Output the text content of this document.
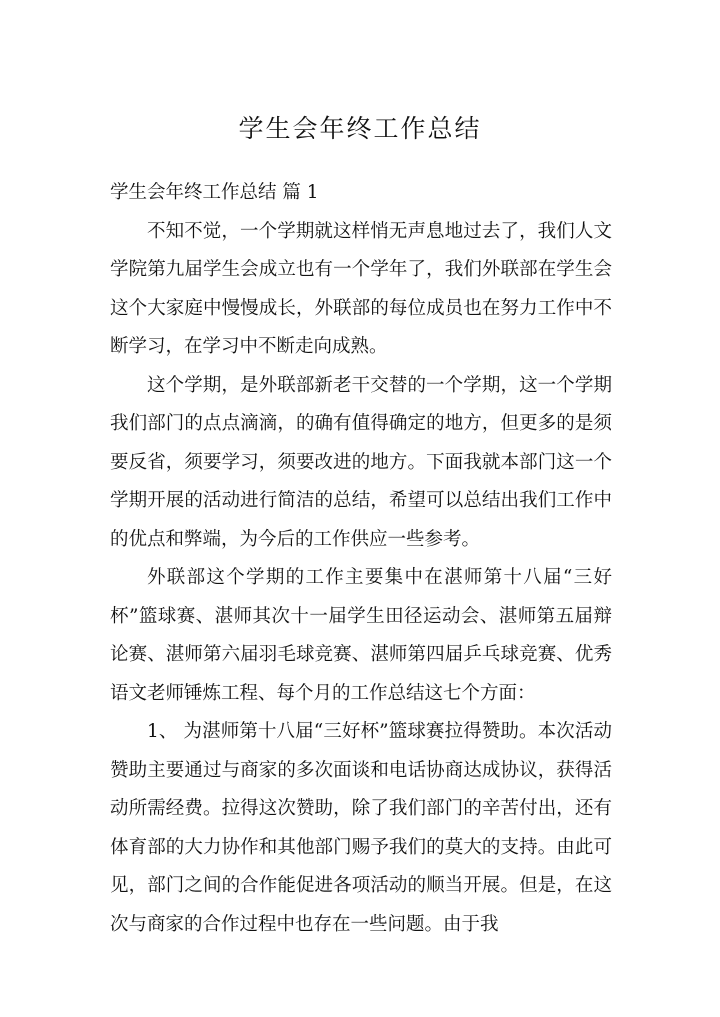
学生会年终工作总结

学生会年终工作总结 篇 1

不知不觉，一个学期就这样悄无声息地过去了，我们人文学院第九届学生会成立也有一个学年了，我们外联部在学生会这个大家庭中慢慢成长，外联部的每位成员也在努力工作中不断学习，在学习中不断走向成熟。

这个学期，是外联部新老干交替的一个学期，这一个学期我们部门的点点滴滴，的确有值得确定的地方，但更多的是须要反省，须要学习，须要改进的地方。下面我就本部门这一个学期开展的活动进行简洁的总结，希望可以总结出我们工作中的优点和弊端，为今后的工作供应一些参考。

外联部这个学期的工作主要集中在湛师第十八届“三好杯”篮球赛、湛师其次十一届学生田径运动会、湛师第五届辩论赛、湛师第六届羽毛球竞赛、湛师第四届乒乓球竞赛、优秀语文老师锤炼工程、每个月的工作总结这七个方面：

1、 为湛师第十八届“三好杯”篮球赛拉得赞助。本次活动赞助主要通过与商家的多次面谈和电话协商达成协议，获得活动所需经费。拉得这次赞助，除了我们部门的辛苦付出，还有体育部的大力协作和其他部门赐予我们的莫大的支持。由此可见，部门之间的合作能促进各项活动的顺当开展。但是，在这次与商家的合作过程中也存在一些问题。由于我
